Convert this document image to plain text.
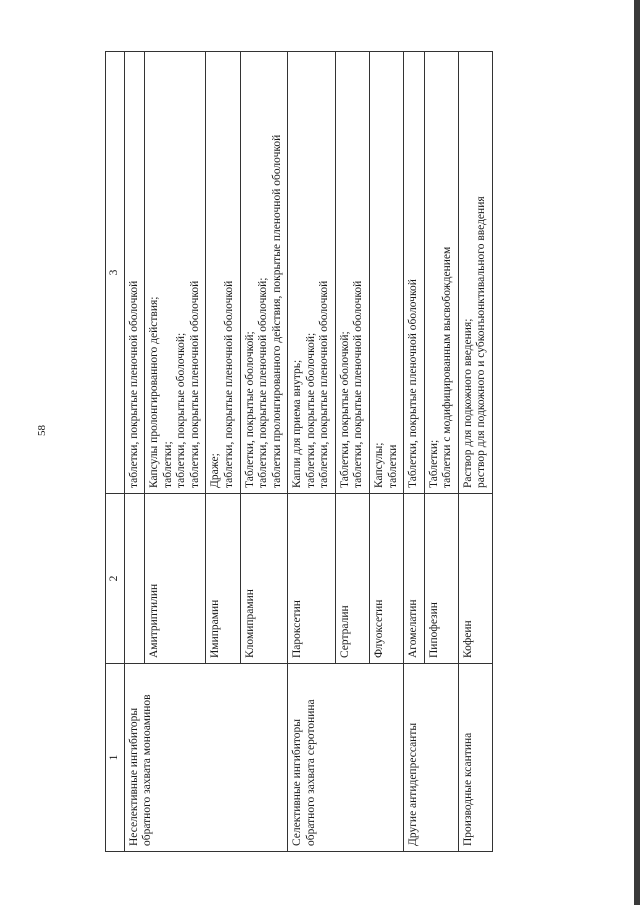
58
1	2	3
Неселективные ингибиторы обратного захвата моноаминов		таблетки, покрытые пленочной оболочкой

	Амитриптилин	Капсулы пролонгированного действия; таблетки; таблетки, покрытые оболочкой; таблетки, покрытые пленочной оболочкой

	Имипрамин	Драже; таблетки, покрытые пленочной оболочкой

	Кломипрамин	Таблетки, покрытые оболочкой; таблетки, покрытые пленочной оболочкой; таблетки пролонгированного действия, покрытые пленочной оболочкой

Селективные ингибиторы обратного захвата серотонина	Пароксетин	Капли для приема внутрь; таблетки, покрытые оболочкой; таблетки, покрытые пленочной оболочкой

	Сертралин	Таблетки, покрытые оболочкой; таблетки, покрытые пленочной оболочкой

	Флуоксетин	Капсулы; таблетки

Другие антидепрессанты	Агомелатин	Таблетки, покрытые пленочной оболочкой

	Пипофезин	Таблетки; таблетки с модифицированным высвобождением

Производные ксантина	Кофеин	Раствор для подкожного введения; раствор для подкожного и субконъюнктивального введения
